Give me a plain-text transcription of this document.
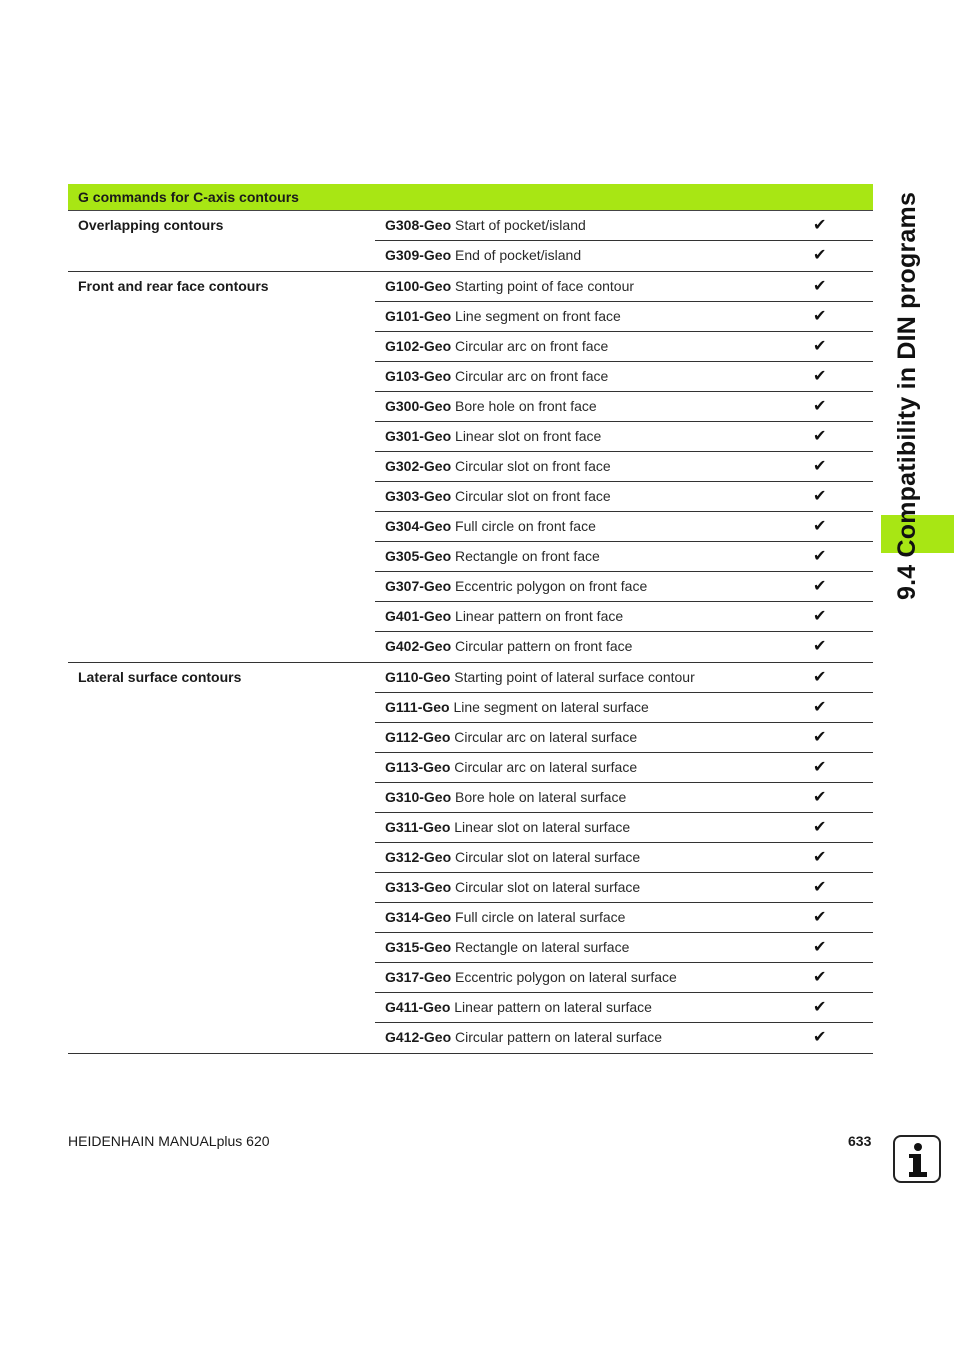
G commands for C-axis contours
Overlapping contours	G308-Geo Start of pocket/island	✔
G309-Geo End of pocket/island	✔
Front and rear face contours	G100-Geo Starting point of face contour	✔
G101-Geo Line segment on front face	✔
G102-Geo Circular arc on front face	✔
G103-Geo Circular arc on front face	✔
G300-Geo Bore hole on front face	✔
G301-Geo Linear slot on front face	✔
G302-Geo Circular slot on front face	✔
G303-Geo Circular slot on front face	✔
G304-Geo Full circle on front face	✔
G305-Geo Rectangle on front face	✔
G307-Geo Eccentric polygon on front face	✔
G401-Geo Linear pattern on front face	✔
G402-Geo Circular pattern on front face	✔
Lateral surface contours	G110-Geo Starting point of lateral surface contour	✔
G111-Geo Line segment on lateral surface	✔
G112-Geo Circular arc on lateral surface	✔
G113-Geo Circular arc on lateral surface	✔
G310-Geo Bore hole on lateral surface	✔
G311-Geo Linear slot on lateral surface	✔
G312-Geo Circular slot on lateral surface	✔
G313-Geo Circular slot on lateral surface	✔
G314-Geo Full circle on lateral surface	✔
G315-Geo Rectangle on lateral surface	✔
G317-Geo Eccentric polygon on lateral surface	✔
G411-Geo Linear pattern on lateral surface	✔
G412-Geo Circular pattern on lateral surface	✔
9.4 Compatibility in DIN programs
HEIDENHAIN MANUALplus 620	633
